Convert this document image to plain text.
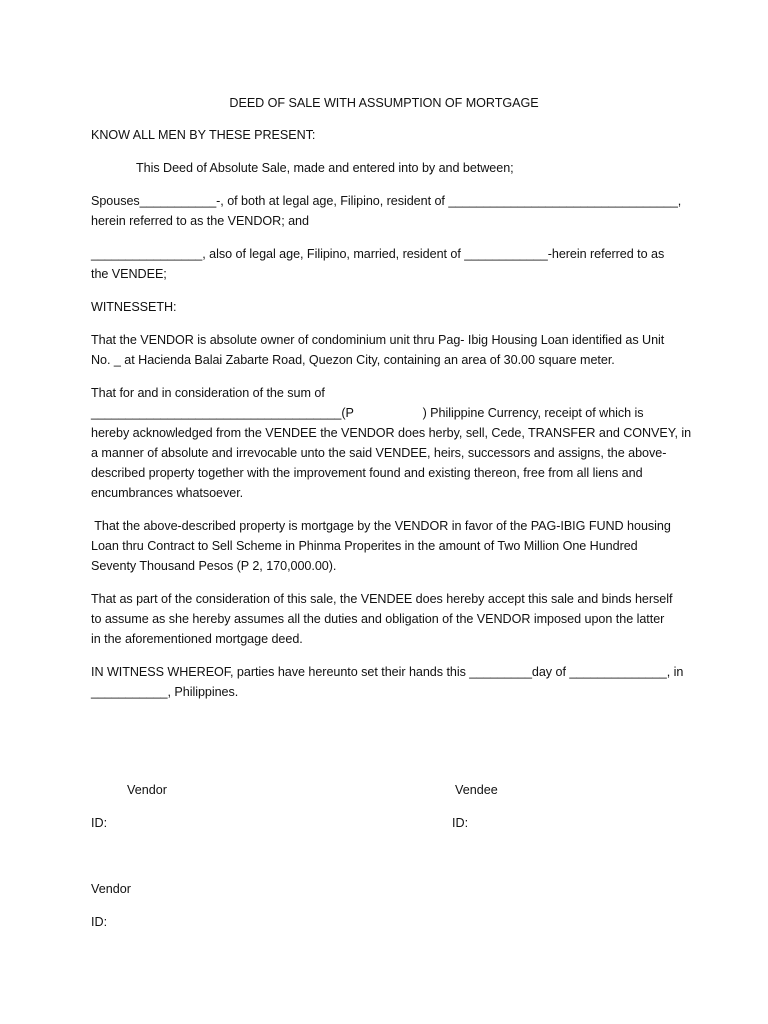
DEED OF SALE WITH ASSUMPTION OF MORTGAGE
KNOW ALL MEN BY THESE PRESENT:
This Deed of Absolute Sale, made and entered into by and between;
Spouses___________-, of both at legal age, Filipino, resident of _________________________________,
herein referred to as the VENDOR; and
________________, also of legal age, Filipino, married, resident of ____________-herein referred to as
the VENDEE;
WITNESSETH:
That the VENDOR is absolute owner of condominium unit thru Pag- Ibig Housing Loan identified as Unit
No. _ at Hacienda Balai Zabarte Road, Quezon City, containing an area of 30.00 square meter.
That for and in consideration of the sum of
____________________________________(P                    ) Philippine Currency, receipt of which is
hereby acknowledged from the VENDEE the VENDOR does herby, sell, Cede, TRANSFER and CONVEY, in
a manner of absolute and irrevocable unto the said VENDEE, heirs, successors and assigns, the above-
described property together with the improvement found and existing thereon, free from all liens and
encumbrances whatsoever.
That the above-described property is mortgage by the VENDOR in favor of the PAG-IBIG FUND housing
Loan thru Contract to Sell Scheme in Phinma Properites in the amount of Two Million One Hundred
Seventy Thousand Pesos (P 2, 170,000.00).
That as part of the consideration of this sale, the VENDEE does hereby accept this sale and binds herself
to assume as she hereby assumes all the duties and obligation of the VENDOR imposed upon the latter
in the aforementioned mortgage deed.
IN WITNESS WHEREOF, parties have hereunto set their hands this _________day of ______________, in
___________, Philippines.
Vendor
ID:
Vendee
ID:
Vendor
ID:
